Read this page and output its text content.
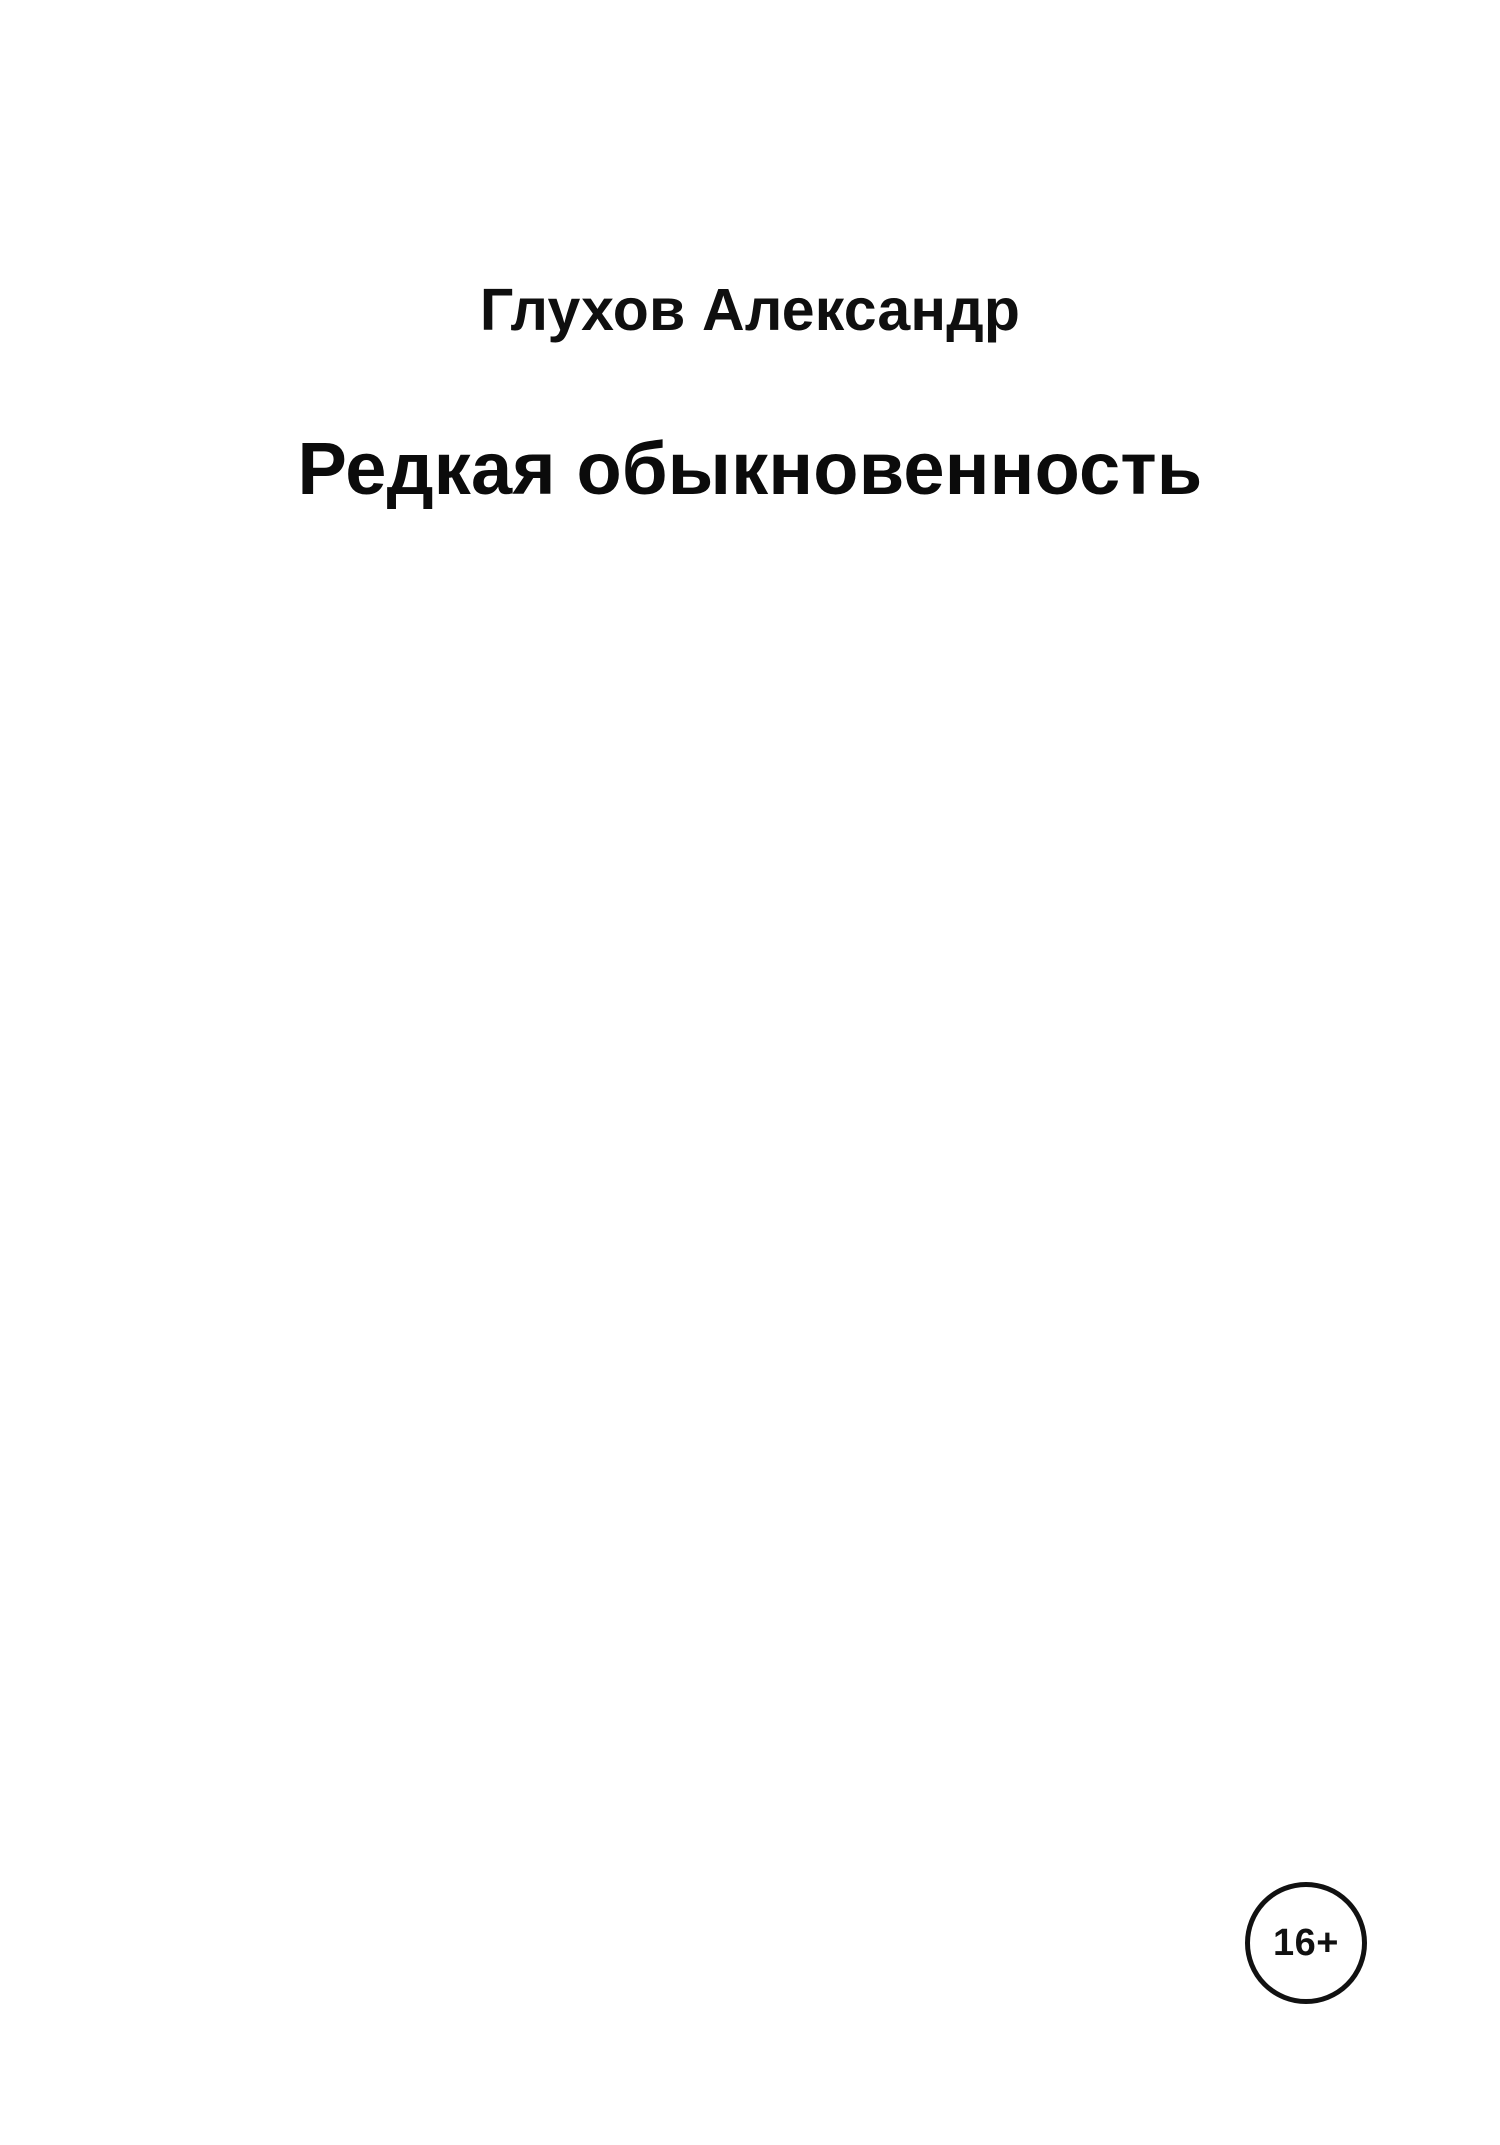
Глухов Александр
Редкая обыкновенность
16+
